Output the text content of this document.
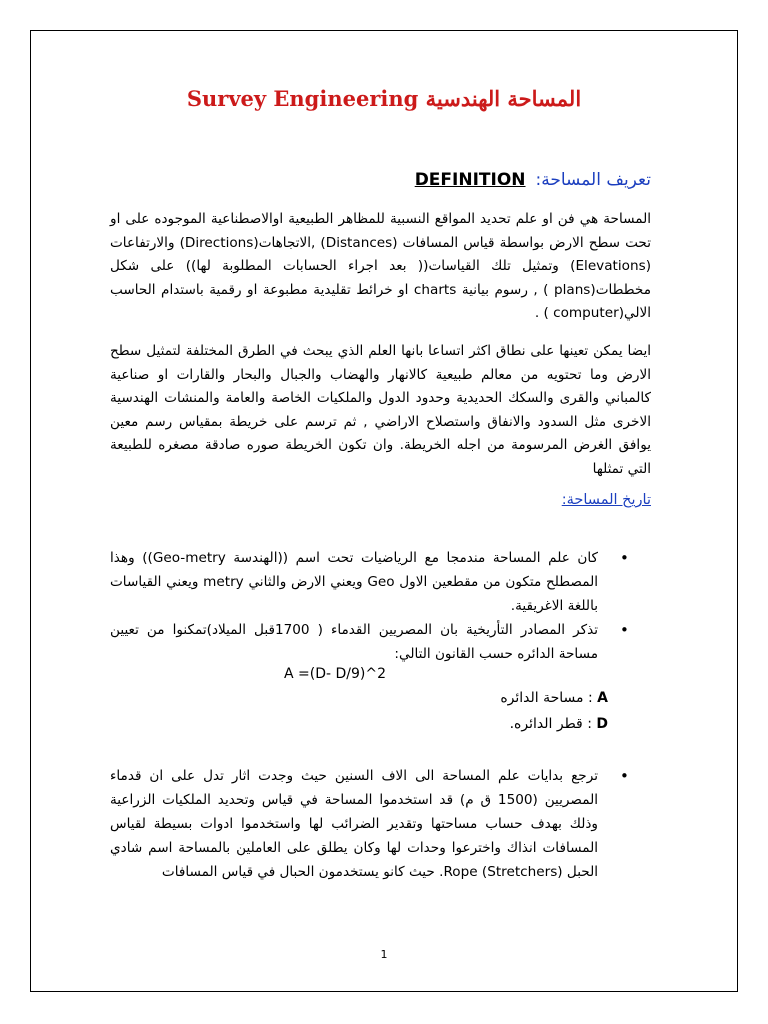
Survey Engineering المساحة الهندسية
تعريف المساحة:DEFINITION
المساحة هي فن او علم تحديد المواقع النسبية للمظاهر الطبيعية اوالاصطناعية الموجوده على او تحت سطح الارض بواسطة قياس المسافات (Distances) ,الاتجاهات(Directions) والارتفاعات (Elevations) وتمثيل تلك القياسات(( بعد اجراء الحسابات المطلوبة لها)) على شكل مخططات(plans ) , رسوم بيانية charts او خرائط تقليدية مطبوعة او رقمية باستدام الحاسب الالي(computer ) .
ايضا يمكن تعينها على نطاق اكثر اتساعا بانها العلم الذي يبحث في الطرق المختلفة لتمثيل سطح الارض وما تحتويه من معالم طبيعية كالانهار والهضاب والجبال والبحار والقارات او صناعية كالمباني والقرى والسكك الحديدية وحدود الدول والملكيات الخاصة والعامة والمنشات الهندسية الاخرى مثل السدود والانفاق واستصلاح الاراضي , ثم ترسم على خريطة بمقياس رسم معين يوافق الغرض المرسومة من اجله الخريطة. وان تكون الخريطة صوره صادقة مصغره للطبيعة التي تمثلها
تاريخ المساحة:
•
كان علم المساحة مندمجا مع الرياضيات تحت اسم ((الهندسة Geo-metry)) وهذا المصطلح متكون من مقطعين الاول Geo ويعني الارض والثاني metry ويعني القياسات باللغة الاغريقية.
•
تذكر المصادر التأريخية بان المصريين القدماء ( 1700قبل الميلاد)تمكنوا من تعيين مساحة الدائره حسب القانون التالي:
A =(D- D/9)^2
A : مساحة الدائره
D : قطر الدائره.
•
ترجع بدايات علم المساحة الى الاف السنين حيث وجدت اثار تدل على ان قدماء المصريين (1500 ق م) قد استخدموا المساحة في قياس وتحديد الملكيات الزراعية وذلك بهدف حساب مساحتها وتقدير الضرائب لها واستخدموا ادوات بسيطة لقياس المسافات انذاك واخترعوا وحدات لها وكان يطلق على العاملين بالمساحة اسم شادي الحبل Rope (Stretchers). حيث كانو يستخدمون الحبال في قياس المسافات
1
